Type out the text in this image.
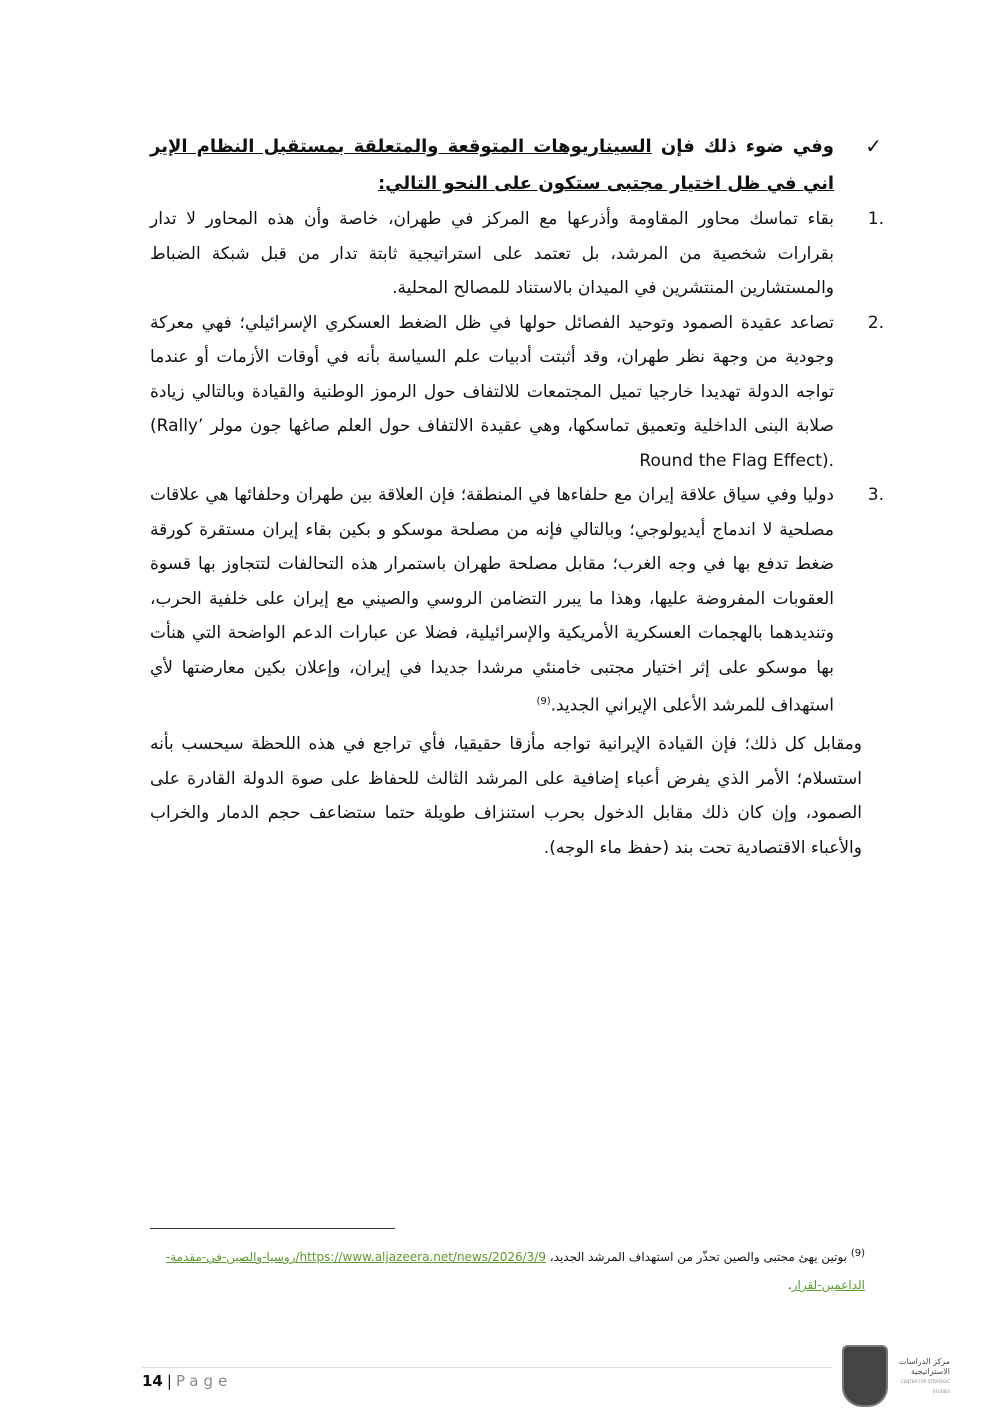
✓
وفي ضوء ذلك فإن السيناريوهات المتوقعة والمتعلقة بمستقبل النظام الإير اني في ظل اختيار مجتبى ستكون على النحو التالي:
1.
بقاء تماسك محاور المقاومة وأذرعها مع المركز في طهران، خاصة وأن هذه المحاور لا تدار بقرارات شخصية من المرشد، بل تعتمد على استراتيجية ثابتة تدار من قبل شبكة الضباط والمستشارين المنتشرين في الميدان بالاستناد للمصالح المحلية.
2.
تصاعد عقيدة الصمود وتوحيد الفصائل حولها في ظل الضغط العسكري الإسرائيلي؛ فهي معركة وجودية من وجهة نظر طهران، وقد أثبتت أدبيات علم السياسة بأنه في أوقات الأزمات أو عندما تواجه الدولة تهديدا خارجيا تميل المجتمعات للالتفاف حول الرموز الوطنية والقيادة وبالتالي زيادة صلابة البنى الداخلية وتعميق تماسكها، وهي عقيدة الالتفاف حول العلم صاغها جون مولر (Rally’ Round the Flag Effect).
3.
دوليا وفي سياق علاقة إيران مع حلفاءها في المنطقة؛ فإن العلاقة بين طهران وحلفائها هي علاقات مصلحية لا اندماج أيديولوجي؛ وبالتالي فإنه من مصلحة موسكو و بكين بقاء إيران مستقرة كورقة ضغط تدفع بها في وجه الغرب؛ مقابل مصلحة طهران باستمرار هذه التحالفات لتتجاوز بها قسوة العقوبات المفروضة عليها، وهذا ما يبرر التضامن الروسي والصيني مع إيران على خلفية الحرب، وتنديدهما بالهجمات العسكرية الأمريكية والإسرائيلية، فضلا عن عبارات الدعم الواضحة التي هنأت بها موسكو على إثر اختيار مجتبى خامنئي مرشدا جديدا في إيران، وإعلان بكين معارضتها لأي استهداف للمرشد الأعلى الإيراني الجديد.$^{(9)}$

ومقابل كل ذلك؛ فإن القيادة الإيرانية تواجه مأزقا حقيقيا، فأي تراجع في هذه اللحظة سيحسب بأنه استسلام؛ الأمر الذي يفرض أعباء إضافية على المرشد الثالث للحفاظ على صوة الدولة القادرة على الصمود، وإن كان ذلك مقابل الدخول بحرب استنزاف طويلة حتما ستضاعف حجم الدمار والخراب والأعباء الاقتصادية تحت بند (حفظ ماء الوجه).

$^{(9)}$ بوتين يهئ مجتبى والصين تحذّر من استهداف المرشد الجديد، https://www.aljazeera.net/news/2026/3/9/روسيا-والصين-في-مقدمة-الداعمين-لقرار.
14 | Page
مركز الدراسات
الاستراتيجية
CENTER FOR STRATEGIC STUDIES
